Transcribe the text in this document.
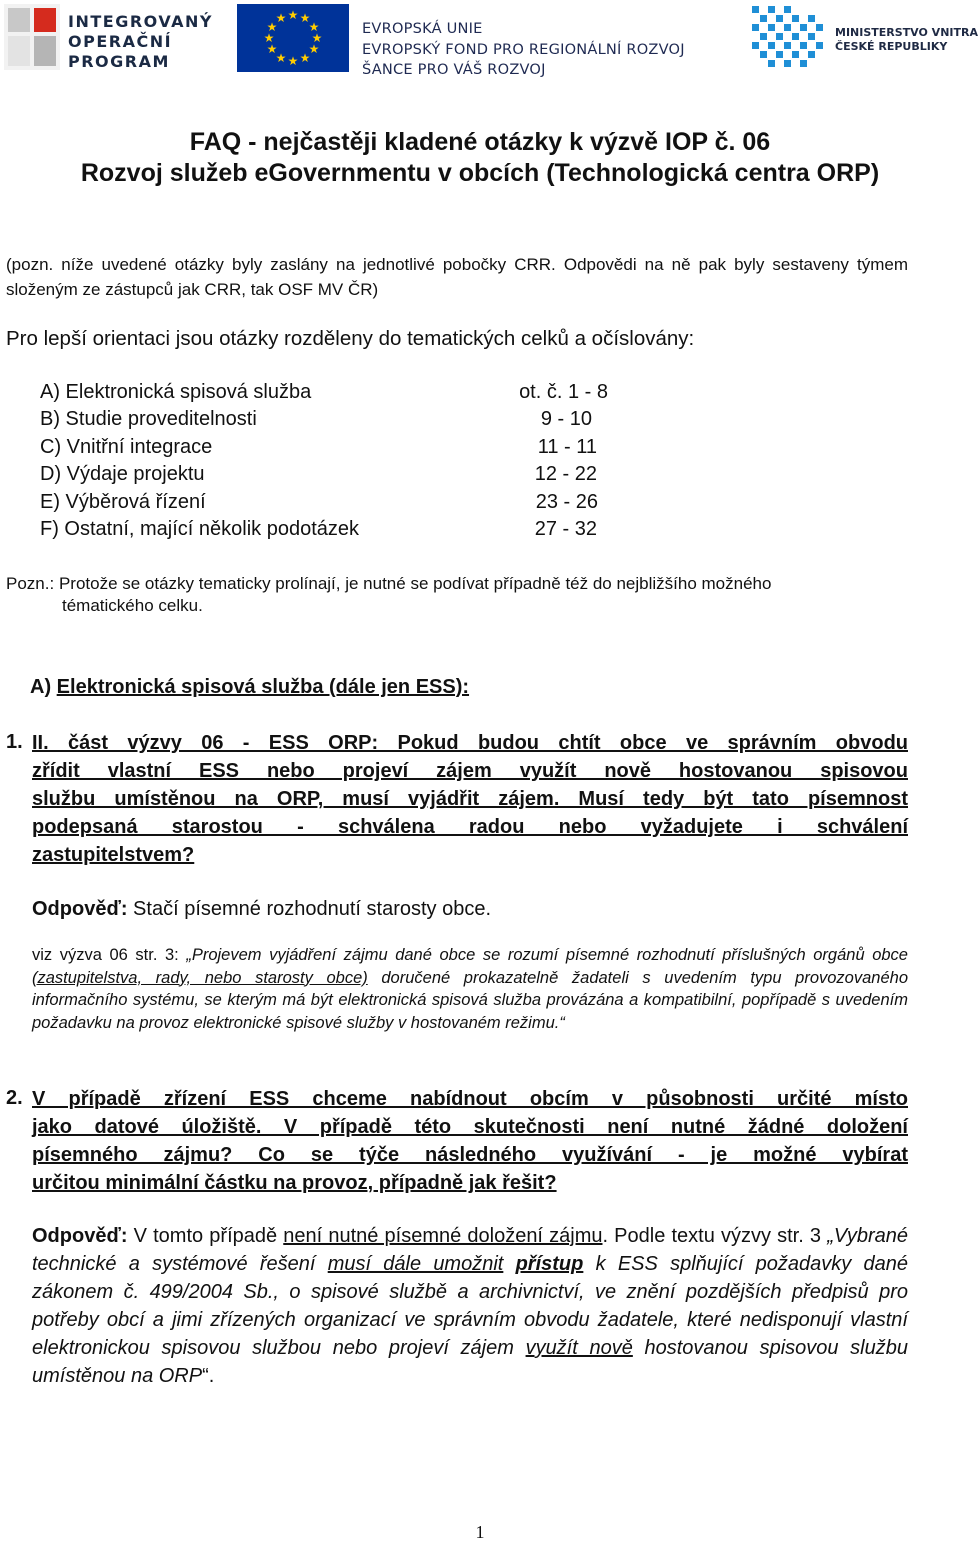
INTEGROVANÝ
OPERAČNÍ
PROGRAM
★ ★
★
★
★
★
★
★
★
★
★
★
EVROPSKÁ UNIE
EVROPSKÝ FOND PRO REGIONÁLNÍ ROZVOJ
ŠANCE PRO VÁŠ ROZVOJ
MINISTERSTVO VNITRA
ČESKÉ REPUBLIKY
FAQ - nejčastěji kladené otázky k výzvě IOP č. 06
Rozvoj služeb eGovernmentu v obcích (Technologická centra ORP)
(pozn. níže uvedené otázky byly zaslány na jednotlivé pobočky CRR. Odpovědi na ně pak byly sestaveny týmem složeným ze zástupců jak CRR, tak OSF MV ČR)
Pro lepší orientaci jsou otázky rozděleny do tematických celků a očíslovány:
A) Elektronická spisová služba	ot. č. 1 - 8
B) Studie proveditelnosti	9 - 10
C) Vnitřní integrace	11 - 11
D) Výdaje projektu	12 - 22
E) Výběrová řízení	23 - 26
F) Ostatní, mající několik podotázek	27 - 32
Pozn.: Protože se otázky tematicky prolínají, je nutné se podívat případně též do nejbližšího možného
tématického celku.
A) Elektronická spisová služba (dále jen ESS):
1. II. část výzvy 06 - ESS ORP: Pokud budou chtít obce ve správním obvodu
zřídit vlastní ESS nebo projeví zájem využít nově hostovanou spisovou
službu umístěnou na ORP, musí vyjádřit zájem. Musí tedy být tato písemnost
podepsaná starostou - schválena radou nebo vyžadujete i schválení
zastupitelstvem?
Odpověď: Stačí písemné rozhodnutí starosty obce.
viz výzva 06 str. 3: „Projevem vyjádření zájmu dané obce se rozumí písemné rozhodnutí příslušných orgánů obce (zastupitelstva, rady, nebo starosty obce) doručené prokazatelně žadateli s uvedením typu provozovaného informačního systému, se kterým má být elektronická spisová služba provázána a kompatibilní, popřípadě s uvedením požadavku na provoz elektronické spisové služby v hostovaném režimu.“
2. V případě zřízení ESS chceme nabídnout obcím v působnosti určité místo
jako datové úložiště. V případě této skutečnosti není nutné žádné doložení
písemného zájmu? Co se týče následného využívání - je možné vybírat
určitou minimální částku na provoz, případně jak řešit?
Odpověď: V tomto případě není nutné písemné doložení zájmu. Podle textu výzvy str. 3 „Vybrané technické a systémové řešení musí dále umožnit přístup k ESS splňující požadavky dané zákonem č. 499/2004 Sb., o spisové službě a archivnictví, ve znění pozdějších předpisů pro potřeby obcí a jimi zřízených organizací ve správním obvodu žadatele, které nedisponují vlastní elektronickou spisovou službou nebo projeví zájem využít nově hostovanou spisovou službu umístěnou na ORP“.
1
